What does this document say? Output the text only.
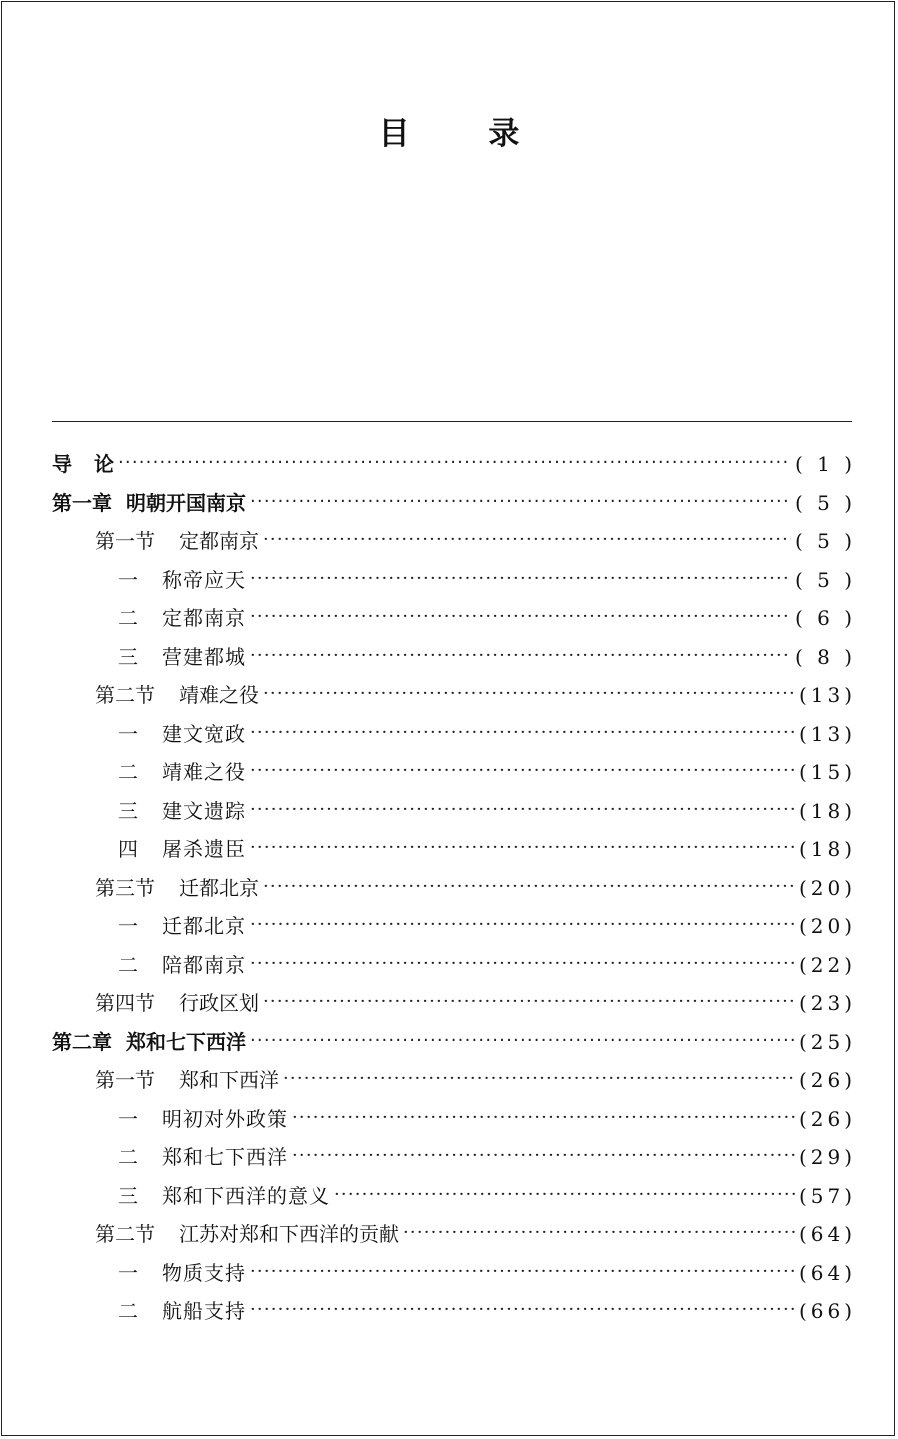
目 录
导 论 ·····	( 1 )
第一章 明朝开国南京 ·····	( 5 )
第一节 定都南京 ·····	( 5 )
一	称帝应天 ·····	( 5 )
二	定都南京 ·····	( 6 )
三	营建都城 ·····	( 8 )
第二节 靖难之役 ·····	(13)
一	建文宽政 ·····	(13)
二	靖难之役 ·····	(15)
三	建文遗踪 ·····	(18)
四	屠杀遗臣 ·····	(18)
第三节 迁都北京 ·····	(20)
一	迁都北京 ·····	(20)
二	陪都南京 ·····	(22)
第四节 行政区划 ·····	(23)
第二章 郑和七下西洋 ·····	(25)
第一节 郑和下西洋 ·····	(26)
一	明初对外政策 ·····	(26)
二	郑和七下西洋 ·····	(29)
三	郑和下西洋的意义 ·····	(57)
第二节 江苏对郑和下西洋的贡献 ·····	(64)
一	物质支持 ·····	(64)
二	航船支持 ·····	(66)
